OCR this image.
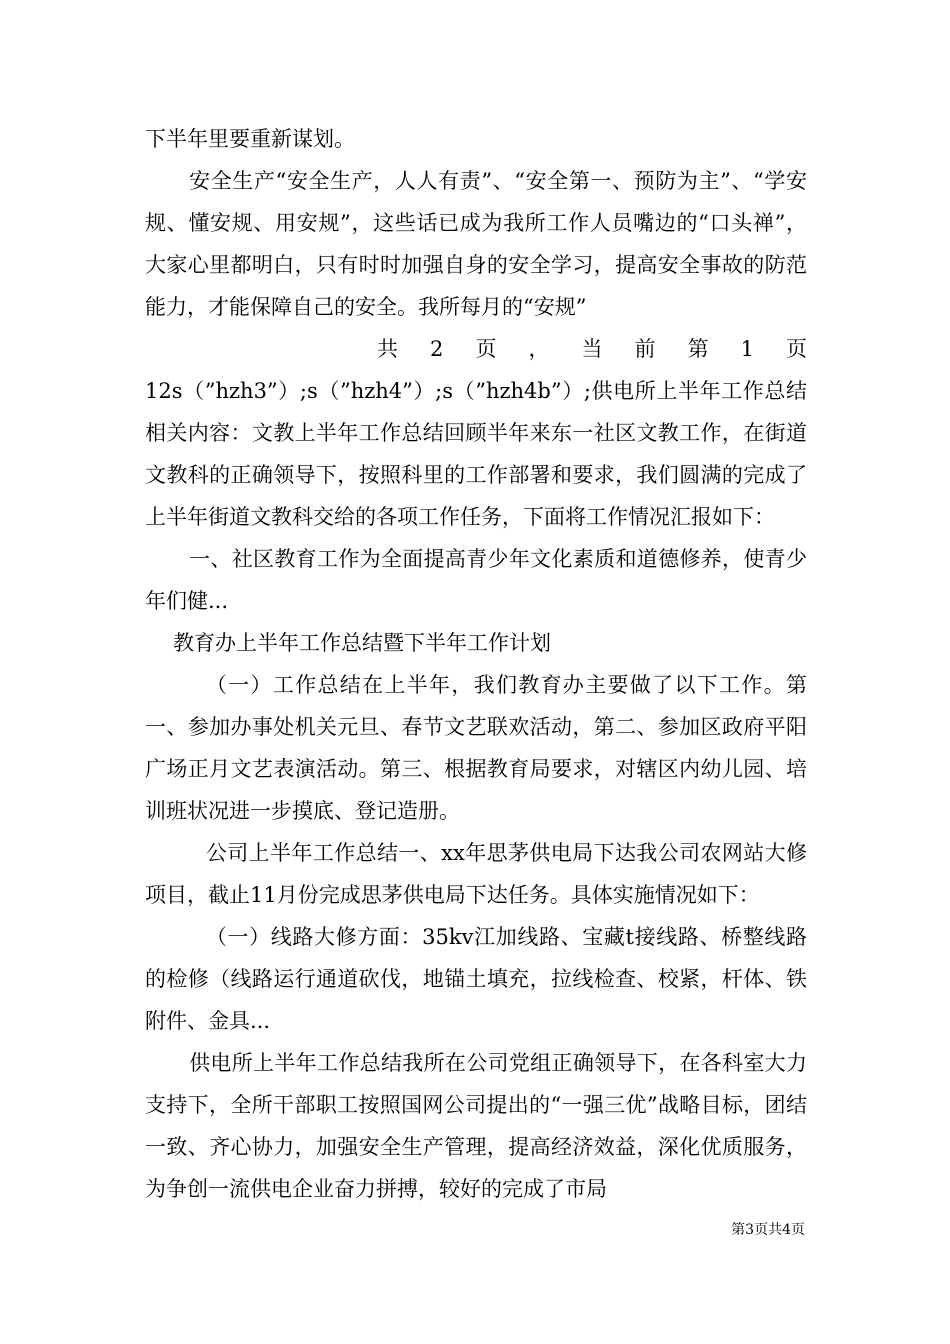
下半年里要重新谋划。

安全生产“安全生产，人人有责”、“安全第一、预防为主”、“学安规、懂安规、用安规”，这些话已成为我所工作人员嘴边的“口头禅”，大家心里都明白，只有时时加强自身的安全学习，提高安全事故的防范能力，才能保障自己的安全。我所每月的“安规”

共 2 页 ， 当 前 第 1 页

12s（”hzh3”）;s（”hzh4”）;s（”hzh4b”）;供电所上半年工作总结相关内容：文教上半年工作总结回顾半年来东一社区文教工作，在街道文教科的正确领导下，按照科里的工作部署和要求，我们圆满的完成了上半年街道文教科交给的各项工作任务，下面将工作情况汇报如下：

一、社区教育工作为全面提高青少年文化素质和道德修养，使青少年们健...

教育办上半年工作总结暨下半年工作计划

（一）工作总结在上半年，我们教育办主要做了以下工作。第一、参加办事处机关元旦、春节文艺联欢活动，第二、参加区政府平阳广场正月文艺表演活动。第三、根据教育局要求，对辖区内幼儿园、培训班状况进一步摸底、登记造册。

公司上半年工作总结一、xx年思茅供电局下达我公司农网站大修项目，截止11月份完成思茅供电局下达任务。具体实施情况如下：

（一）线路大修方面：35kv江加线路、宝藏t接线路、桥整线路的检修（线路运行通道砍伐，地锚土填充，拉线检查、校紧，杆体、铁附件、金具...

供电所上半年工作总结我所在公司党组正确领导下，在各科室大力支持下，全所干部职工按照国网公司提出的“一强三优”战略目标，团结一致、齐心协力，加强安全生产管理，提高经济效益，深化优质服务，为争创一流供电企业奋力拼搏，较好的完成了市局

第3页共4页
